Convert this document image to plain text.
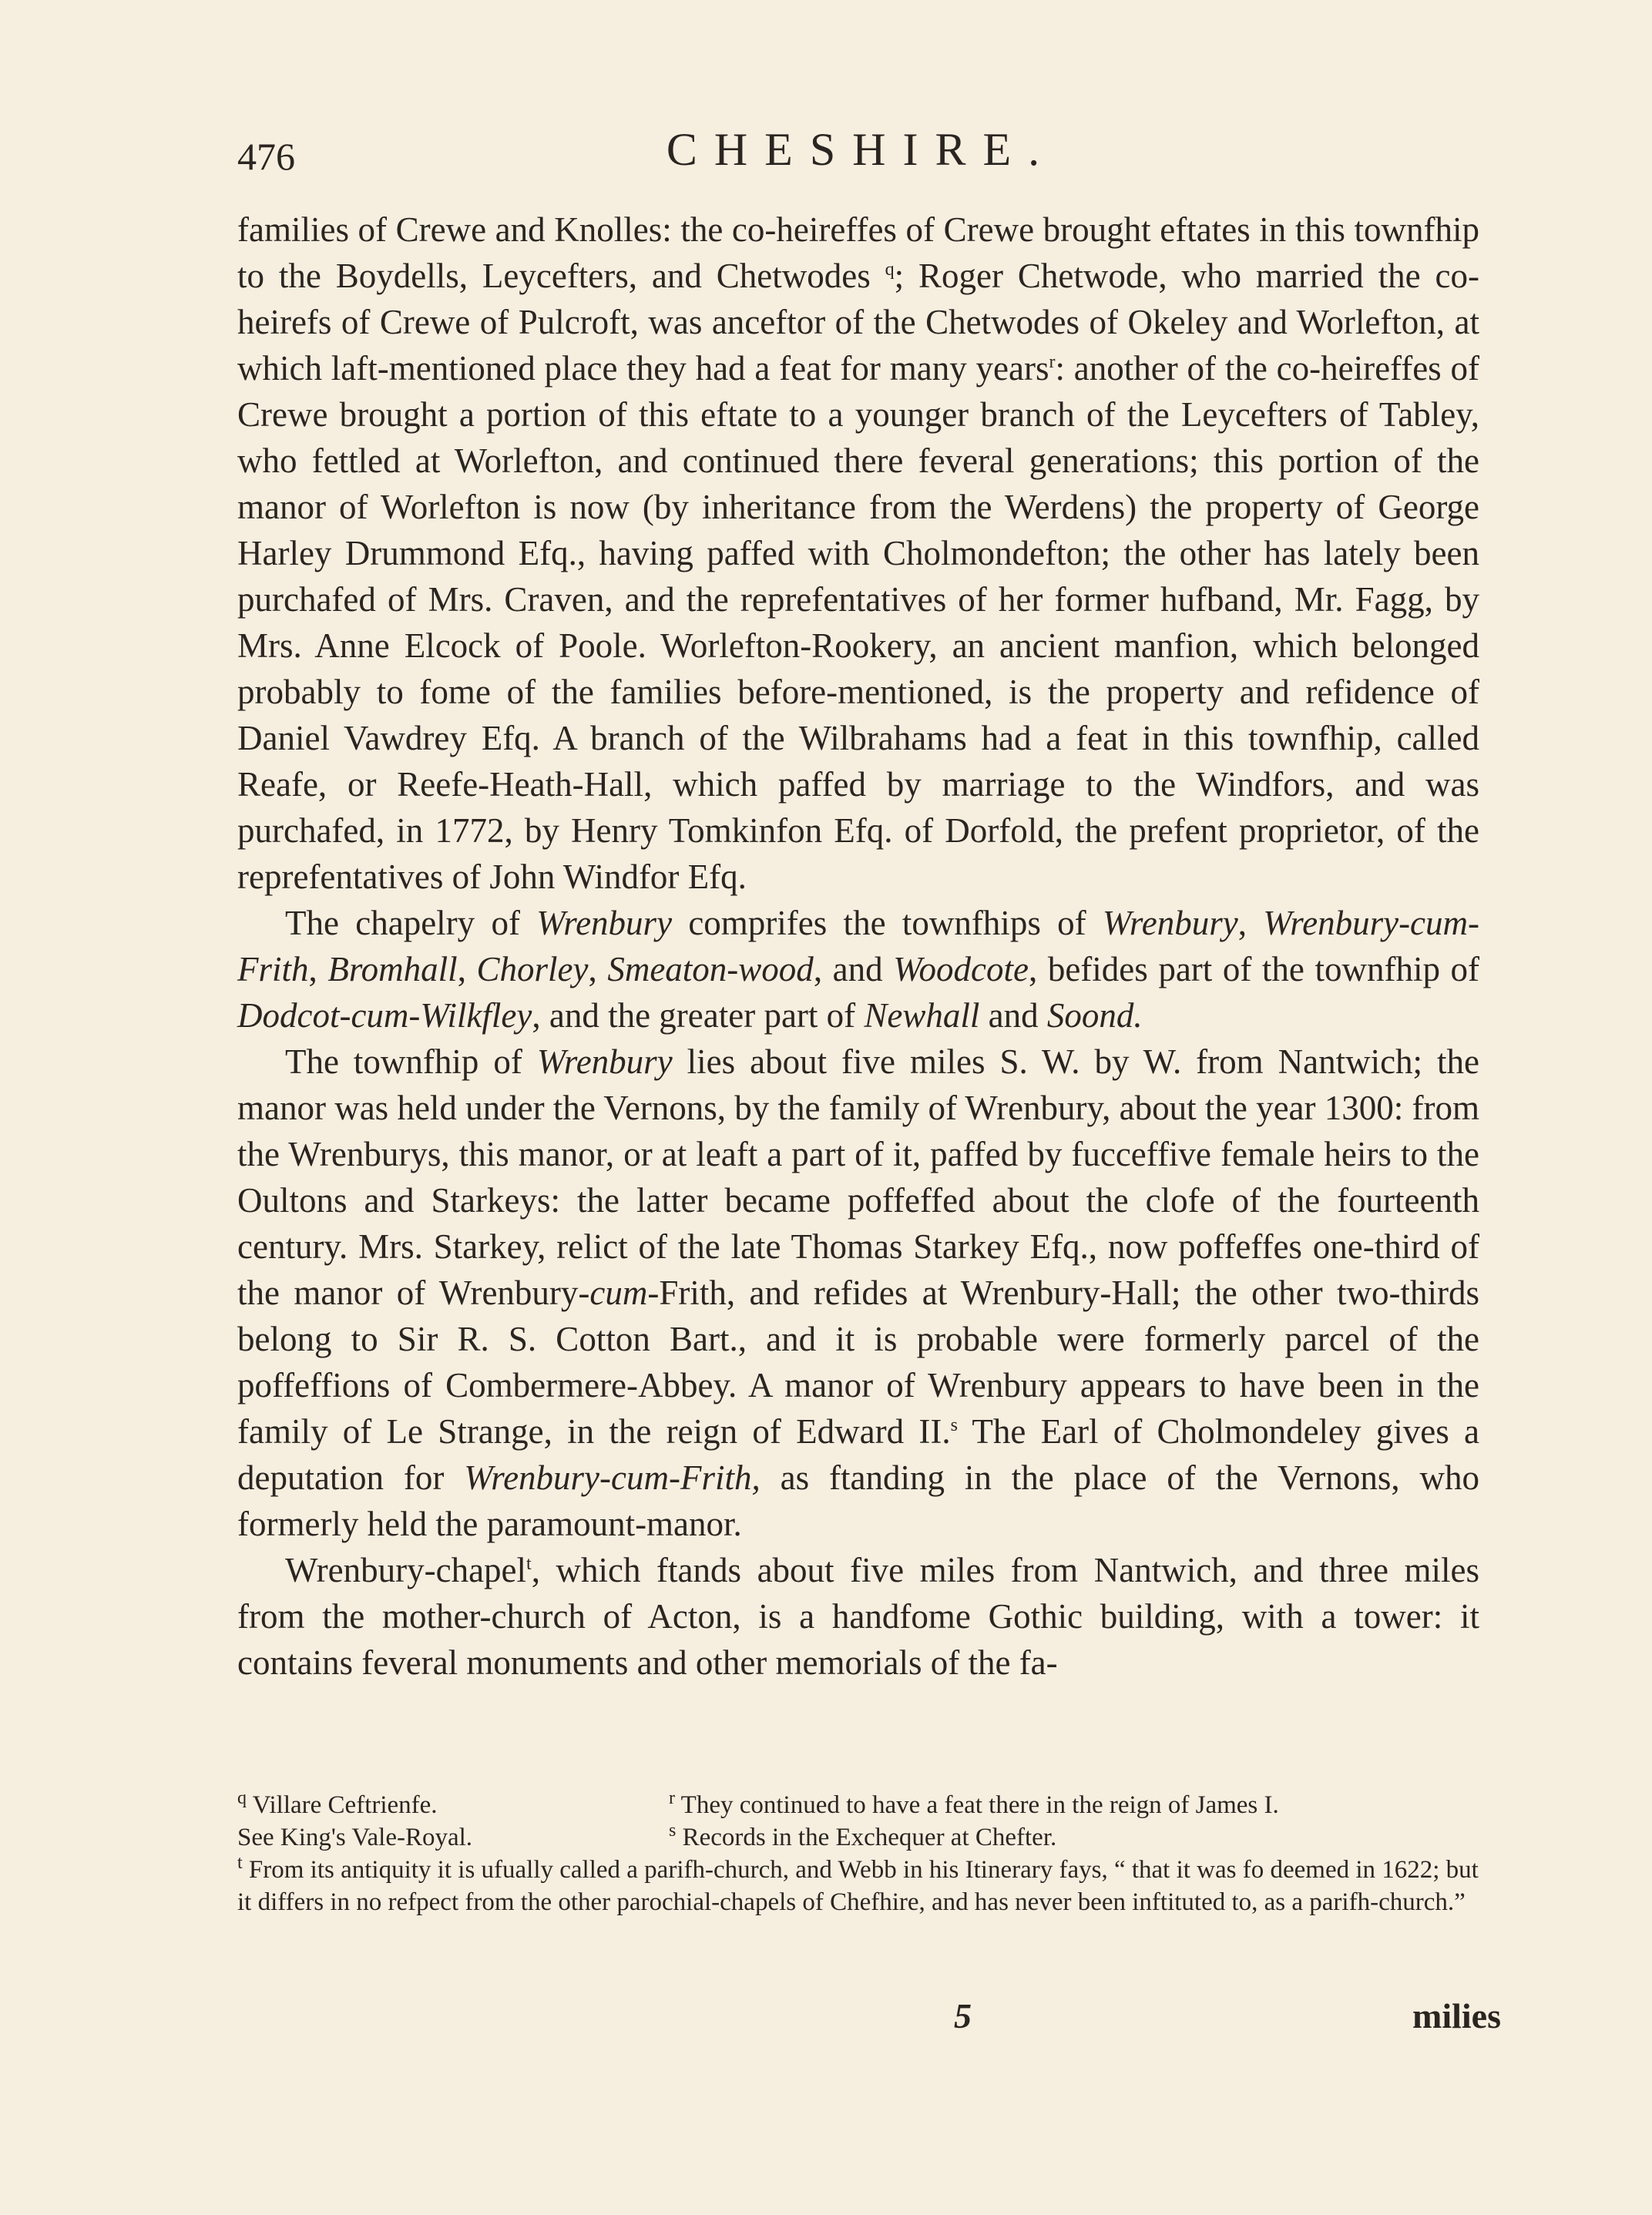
476	CHESHIRE.

families of Crewe and Knolles: the co-heireffes of Crewe brought eftates in this townfhip to the Boydells, Leycefters, and Chetwodes $^q$; Roger Chetwode, who married the co-heirefs of Crewe of Pulcroft, was anceftor of the Chetwodes of Okeley and Worlefton, at which laft-mentioned place they had a feat for many years$^r$: another of the co-heireffes of Crewe brought a portion of this eftate to a younger branch of the Leycefters of Tabley, who fettled at Worlefton, and continued there feveral generations; this portion of the manor of Worlefton is now (by inheritance from the Werdens) the property of George Harley Drummond Efq., having paffed with Cholmondefton; the other has lately been purchafed of Mrs. Craven, and the reprefentatives of her former hufband, Mr. Fagg, by Mrs. Anne Elcock of Poole. Worlefton-Rookery, an ancient manfion, which belonged probably to fome of the families before-mentioned, is the property and refidence of Daniel Vawdrey Efq. A branch of the Wilbrahams had a feat in this townfhip, called Reafe, or Reefe-Heath-Hall, which paffed by marriage to the Windfors, and was purchafed, in 1772, by Henry Tomkinfon Efq. of Dorfold, the prefent proprietor, of the reprefentatives of John Windfor Efq.

The chapelry of Wrenbury comprifes the townfhips of Wrenbury, Wrenbury-cum-Frith, Bromhall, Chorley, Smeaton-wood, and Woodcote, befides part of the townfhip of Dodcot-cum-Wilkfley, and the greater part of Newhall and Soond.

The townfhip of Wrenbury lies about five miles S. W. by W. from Nantwich; the manor was held under the Vernons, by the family of Wrenbury, about the year 1300: from the Wrenburys, this manor, or at leaft a part of it, paffed by fucceffive female heirs to the Oultons and Starkeys: the latter became poffeffed about the clofe of the fourteenth century. Mrs. Starkey, relict of the late Thomas Starkey Efq., now poffeffes one-third of the manor of Wrenbury-cum-Frith, and refides at Wrenbury-Hall; the other two-thirds belong to Sir R. S. Cotton Bart., and it is probable were formerly parcel of the poffeffions of Combermere-Abbey. A manor of Wrenbury appears to have been in the family of Le Strange, in the reign of Edward II.$^s$ The Earl of Cholmondeley gives a deputation for Wrenbury-cum-Frith, as ftanding in the place of the Vernons, who formerly held the paramount-manor.

Wrenbury-chapel$^t$, which ftands about five miles from Nantwich, and three miles from the mother-church of Acton, is a handfome Gothic building, with a tower: it contains feveral monuments and other memorials of the fa-

$^q$ Villare Ceftrienfe.	$^r$ They continued to have a feat there in the reign of James I.
See King's Vale-Royal.	$^s$ Records in the Exchequer at Chefter.
$^t$ From its antiquity it is ufually called a parifh-church, and Webb in his Itinerary fays, “ that it was fo deemed in 1622; but it differs in no refpect from the other parochial-chapels of Chefhire, and has never been inftituted to, as a parifh-church.”
5	milies
